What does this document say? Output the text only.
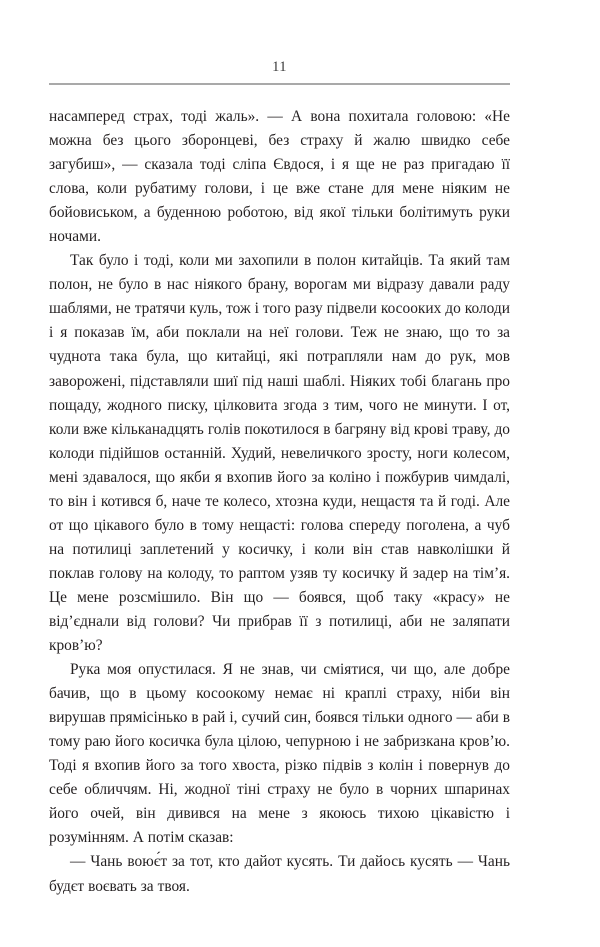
11

насамперед страх, тоді жаль». — А вона похитала головою: «Не можна без цього зборонцеві, без страху й жалю швидко себе загубиш», — сказала тоді сліпа Євдося, і я ще не раз пригадаю її слова, коли рубатиму голови, і це вже стане для мене ніяким не бойовиськом, а буденною роботою, від якої тільки болітимуть руки ночами.

Так було і тоді, коли ми захопили в полон китайців. Та який там полон, не було в нас ніякого брану, ворогам ми відразу давали раду шаблями, не тратячи куль, тож і того разу підвели косооких до колоди і я показав їм, аби поклали на неї голови. Теж не знаю, що то за чуднота така була, що китайці, які потрапляли нам до рук, мов заворожені, підставляли шиї під наші шаблі. Ніяких тобі благань про пощаду, жодного писку, цілковита згода з тим, чого не минути. І от, коли вже кільканадцять голів покотилося в багряну від крові траву, до колоди підійшов останній. Худий, невеличкого зросту, ноги колесом, мені здавалося, що якби я вхопив його за коліно і пожбурив чимдалі, то він і котився б, наче те колесо, хтозна куди, нещастя та й годі. Але от що цікавого було в тому нещасті: голова спереду поголена, а чуб на потилиці заплетений у косичку, і коли він став навколішки й поклав голову на колоду, то раптом узяв ту косичку й задер на тім’я. Це мене розсмішило. Він що — боявся, щоб таку «красу» не від’єднали від голови? Чи прибрав її з потилиці, аби не заляпати кров’ю?

Рука моя опустилася. Я не знав, чи сміятися, чи що, але добре бачив, що в цьому косоокому немає ні краплі страху, ніби він вирушав прямісінько в рай і, сучий син, боявся тільки одного — аби в тому раю його косичка була цілою, чепурною і не забризкана кров’ю. Тоді я вхопив його за того хвоста, різко підвів з колін і повернув до себе обличчям. Ні, жодної тіні страху не було в чорних шпаринах його очей, він дивився на мене з якоюсь тихою цікавістю і розумінням. А потім сказав:

— Чань воює́т за тот, кто дайот кусять. Ти дайось кусять — Чань будєт воєвать за твоя.
